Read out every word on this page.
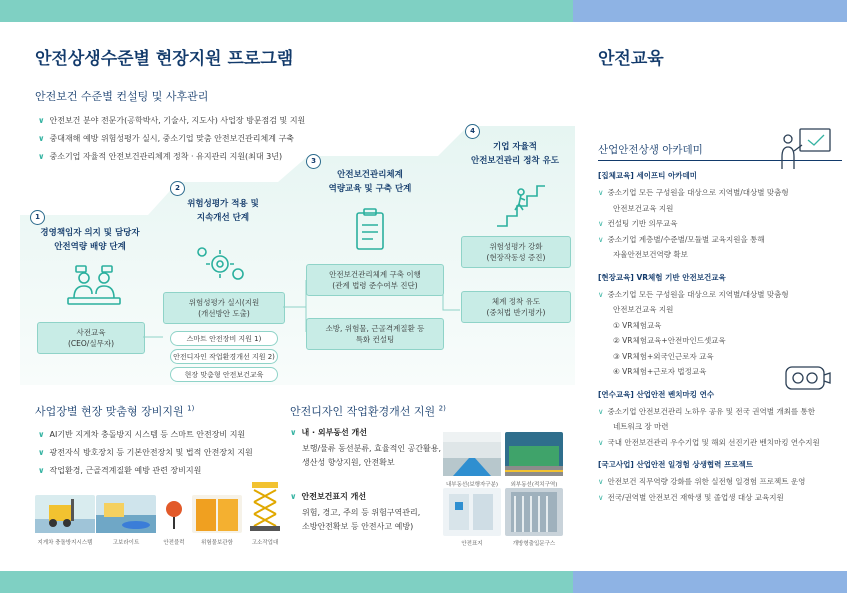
안전상생수준별 현장지원 프로그램
안전보건 수준별 컨설팅 및 사후관리
∨ 안전보건 분야 전문가(공학박사, 기술사, 지도사) 사업장 방문점검 및 지원
∨ 중대재해 예방 위험성평가 실시, 중소기업 맞춤 안전보건관리체계 구축
∨ 중소기업 자율적 안전보건관리체계 정착 · 유지관리 지원(최대 3년)
1
경영책임자 의지 및 담당자
안전역량 배양 단계
2
위험성평가 적용 및
지속개선 단계
3
안전보건관리체계
역량교육 및 구축 단계
4
기업 자율적
안전보건관리 정착 유도
사전교육
(CEO/실무자)
위험성평가 실시(지원
(개선방안 도출)
스마트 안전장비 지원 1)
안전디자인 작업환경개선 지원 2)
현장 맞춤형 안전보건교육
안전보건관리체계 구축 이행
(관계 법령 준수여부 진단)
소방, 위험물, 근골격계질환 등
특화 컨설팅
위험성평가 강화
(현장작동성 증진)
체계 정착 유도
(중처법 반기평가)
사업장별 현장 맞춤형 장비지원 $^{1)}$
∨ AI기반 지게차 충돌방지 시스템 등 스마트 안전장비 지원
∨ 광전자식 방호장치 등 기본안전장치 및 법적 안전장치 지원
∨ 작업환경, 근골격계질환 예방 관련 장비지원
지게차 충돌방지시스템	고보라이트	안전블럭	위험물보관함	고소작업대
안전디자인 작업환경개선 지원 $^{2)}$
∨ 내 · 외부동선 개선
보행/물류 동선분류, 효율적인 공간활용,
생산성 향상지원, 안전확보
∨ 안전보건표지 개선
위험, 경고, 주의 등 위험구역관리,
소방안전확보 등 안전사고 예방)
내부동선(보행자구분)	외부동선(적치구역)
안전표지	개방형출입문구스
안전교육
산업안전상생 아카데미
[집체교육] 세이프티 아카데미
∨ 중소기업 모든 구성원을 대상으로 지역별/대상별 맞춤형
안전보건교육 지원
∨ 컨설팅 기반 의무교육
∨ 중소기업 계층별/수준별/모듈별 교육지원을 통해
자율안전보건역량 확보
[현장교육] VR체험 기반 안전보건교육
∨ 중소기업 모든 구성원을 대상으로 지역별/대상별 맞춤형
안전보건교육 지원
① VR체험교육
② VR체험교육+안전마인드셋교육
③ VR체험+외국인근로자 교육
④ VR체험+근로자 법정교육
[연수교육] 산업안전 벤치마킹 연수
∨ 중소기업 안전보건관리 노하우 공유 및 전국 권역별 개최를 통한
네트워크 장 마련
∨ 국내 안전보건관리 우수기업 및 해외 선진기관 벤치마킹 연수지원
[국고사업] 산업안전 일경험 상생협력 프로젝트
∨ 안전보건 직무역량 강화를 위한 실전형 일경험 프로젝트 운영
∨ 전국/권역별 안전보건 재학생 및 졸업생 대상 교육지원
